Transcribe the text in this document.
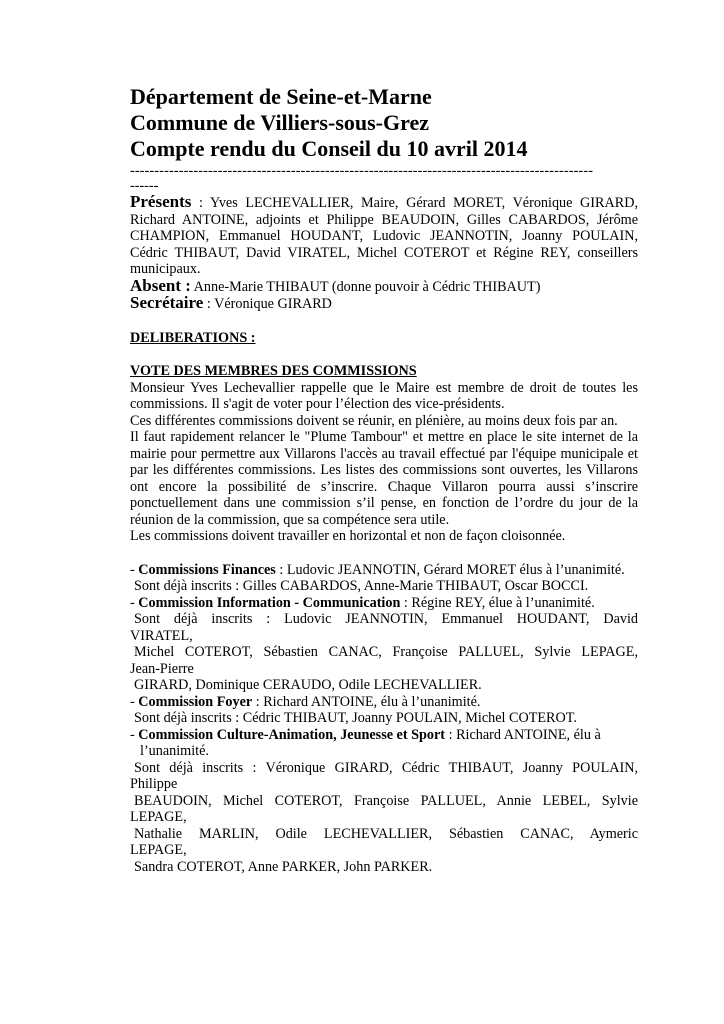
Département de Seine-et-Marne
Commune de Villiers-sous-Grez
Compte rendu du Conseil du 10 avril 2014
-----------------------------------------------------------------------------------------------
------

Présents : Yves LECHEVALLIER, Maire, Gérard MORET, Véronique GIRARD, Richard ANTOINE, adjoints et Philippe BEAUDOIN, Gilles CABARDOS, Jérôme CHAMPION, Emmanuel HOUDANT, Ludovic JEANNOTIN, Joanny POULAIN, Cédric THIBAUT, David VIRATEL, Michel COTEROT et Régine REY, conseillers municipaux.

Absent : Anne-Marie THIBAUT (donne pouvoir à Cédric THIBAUT)

Secrétaire : Véronique GIRARD

DELIBERATIONS :

VOTE DES MEMBRES DES COMMISSIONS

Monsieur Yves Lechevallier rappelle que le Maire est membre de droit de toutes les commissions. Il s'agit de voter pour l’élection des vice-présidents.

Ces différentes commissions doivent se réunir, en plénière, au moins deux fois par an.

Il faut rapidement relancer le "Plume Tambour" et mettre en place le site internet de la mairie pour permettre aux Villarons l'accès au travail effectué par l'équipe municipale et par les différentes commissions. Les listes des commissions sont ouvertes, les Villarons ont encore la possibilité de s’inscrire. Chaque Villaron pourra aussi s’inscrire ponctuellement dans une commission s’il pense, en fonction de l’ordre du jour de la réunion de la commission, que sa compétence sera utile.

Les commissions doivent travailler en horizontal et non de façon cloisonnée.

- Commissions Finances : Ludovic JEANNOTIN, Gérard MORET élus à l’unanimité.

Sont déjà inscrits : Gilles CABARDOS, Anne-Marie THIBAUT, Oscar BOCCI.

- Commission Information - Communication : Régine REY, élue à l’unanimité.

Sont déjà inscrits : Ludovic JEANNOTIN, Emmanuel HOUDANT, David

VIRATEL,

Michel COTEROT, Sébastien CANAC, Françoise PALLUEL, Sylvie LEPAGE,

Jean-Pierre

GIRARD, Dominique CERAUDO, Odile LECHEVALLIER.

- Commission Foyer : Richard ANTOINE, élu à l’unanimité.

Sont déjà inscrits : Cédric THIBAUT, Joanny POULAIN, Michel COTEROT.

- Commission Culture-Animation, Jeunesse et Sport : Richard ANTOINE, élu à

l’unanimité.

Sont déjà inscrits : Véronique GIRARD, Cédric THIBAUT, Joanny POULAIN,

Philippe

BEAUDOIN, Michel COTEROT, Françoise PALLUEL, Annie LEBEL, Sylvie

LEPAGE,

Nathalie MARLIN, Odile LECHEVALLIER, Sébastien CANAC, Aymeric

LEPAGE,

Sandra COTEROT, Anne PARKER, John PARKER.
